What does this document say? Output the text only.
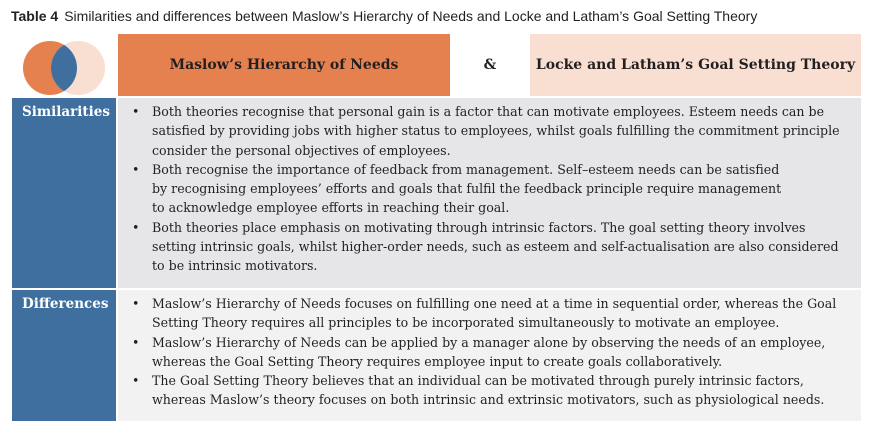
Table 4 Similarities and differences between Maslow’s Hierarchy of Needs and Locke and Latham’s Goal Setting Theory
Maslow’s Hierarchy of Needs	&	Locke and Latham’s Goal Setting Theory
Similarities	• Both theories recognise that personal gain is a factor that can motivate employees. Esteem needs can be
satisfied by providing jobs with higher status to employees, whilst goals fulfilling the commitment principle
consider the personal objectives of employees.
• Both recognise the importance of feedback from management. Self–esteem needs can be satisfied
by recognising employees’ efforts and goals that fulfil the feedback principle require management
to acknowledge employee efforts in reaching their goal.
• Both theories place emphasis on motivating through intrinsic factors. The goal setting theory involves
setting intrinsic goals, whilst higher-order needs, such as esteem and self-actualisation are also considered
to be intrinsic motivators.
Differences	• Maslow’s Hierarchy of Needs focuses on fulfilling one need at a time in sequential order, whereas the Goal
Setting Theory requires all principles to be incorporated simultaneously to motivate an employee.
• Maslow’s Hierarchy of Needs can be applied by a manager alone by observing the needs of an employee,
whereas the Goal Setting Theory requires employee input to create goals collaboratively.
• The Goal Setting Theory believes that an individual can be motivated through purely intrinsic factors,
whereas Maslow’s theory focuses on both intrinsic and extrinsic motivators, such as physiological needs.
